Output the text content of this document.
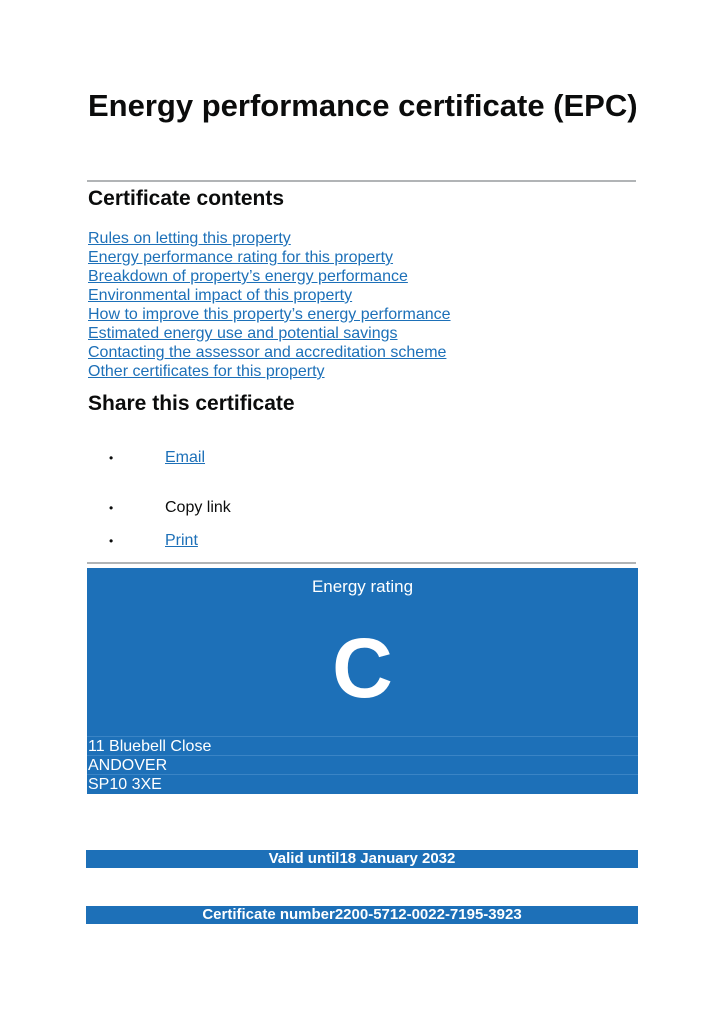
Energy performance certificate (EPC)
Certificate contents
Rules on letting this property
Energy performance rating for this property
Breakdown of property’s energy performance
Environmental impact of this property
How to improve this property’s energy performance
Estimated energy use and potential savings
Contacting the assessor and accreditation scheme
Other certificates for this property
Share this certificate
•	Email
•	Copy link
•	Print
Energy rating
11 Bluebell Close
ANDOVER
SP10 3XE
C
Valid until18 January 2032
Certificate number2200-5712-0022-7195-3923
